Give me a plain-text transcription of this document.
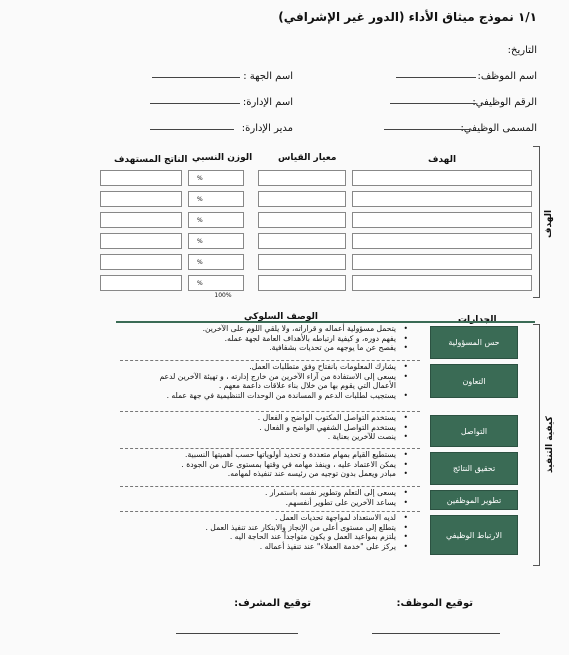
١/١ نموذج ميثاق الأداء (الدور غير الإشرافي)
التاريخ:
اسم الموظف:
اسم الجهة :
الرقم الوظيفي:
اسم الإدارة:
المسمى الوظيفي:
مدير الإدارة:
الهدف
الهدف
معيار القياس
الوزن النسبي
الناتج المستهدف
%
%
%
%
%
%
100%
الجدارات
الوصف السلوكي
كيفية التنفيذ
حس المسؤولية
يتحمل مسؤولية أعماله و قراراته، ولا يلقي اللوم على الآخرين. •
يفهم دوره، و كيفية ارتباطه بالأهداف العامة لجهة عمله. •
يفصح عن ما يوجهه من تحديات بشفافية. •
التعاون
يشارك المعلومات بانفتاح وفق متطلبات العمل. •
يسعى إلى الاستفادة من آراء الآخرين من خارج إدارته ، و تهيئة الآخرين لدعم
الأعمال التي يقوم بها من خلال بناء علاقات داعمة معهم . •
يستجيب لطلبات الدعم و المساندة من الوحدات التنظيمية في جهة عمله . •
التواصل
يستخدم التواصل المكتوب الواضح و الفعال . •
يستخدم التواصل الشفهي الواضح و الفعال . •
ينصت للآخرين بعناية . •
تحقيق النتائج
يستطيع القيام بمهام متعددة و تحديد أولوياتها حسب أهميتها النسبية. •
يمكن الاعتماد عليه ، وينفذ مهامه في وقتها بمستوى عال من الجودة . •
مبادر ويعمل بدون توجيه من رئيسه عند تنفيذه لمهامه. •
تطوير الموظفين
يسعى إلى التعلم وتطوير نفسه باستمرار . •
يساعد الآخرين على تطوير أنفسهم. •
الارتباط الوظيفي
لديه الاستعداد لمواجهة تحديات العمل . •
يتطلع إلى مستوى أعلى من الإنجاز والابتكار عند تنفيذ العمل . •
يلتزم بمواعيد العمل و يكون متواجداً عند الحاجة اليه . •
يركز على "خدمة العملاء" عند تنفيذ أعماله . •
توقيع الموظف:
توقيع المشرف:
